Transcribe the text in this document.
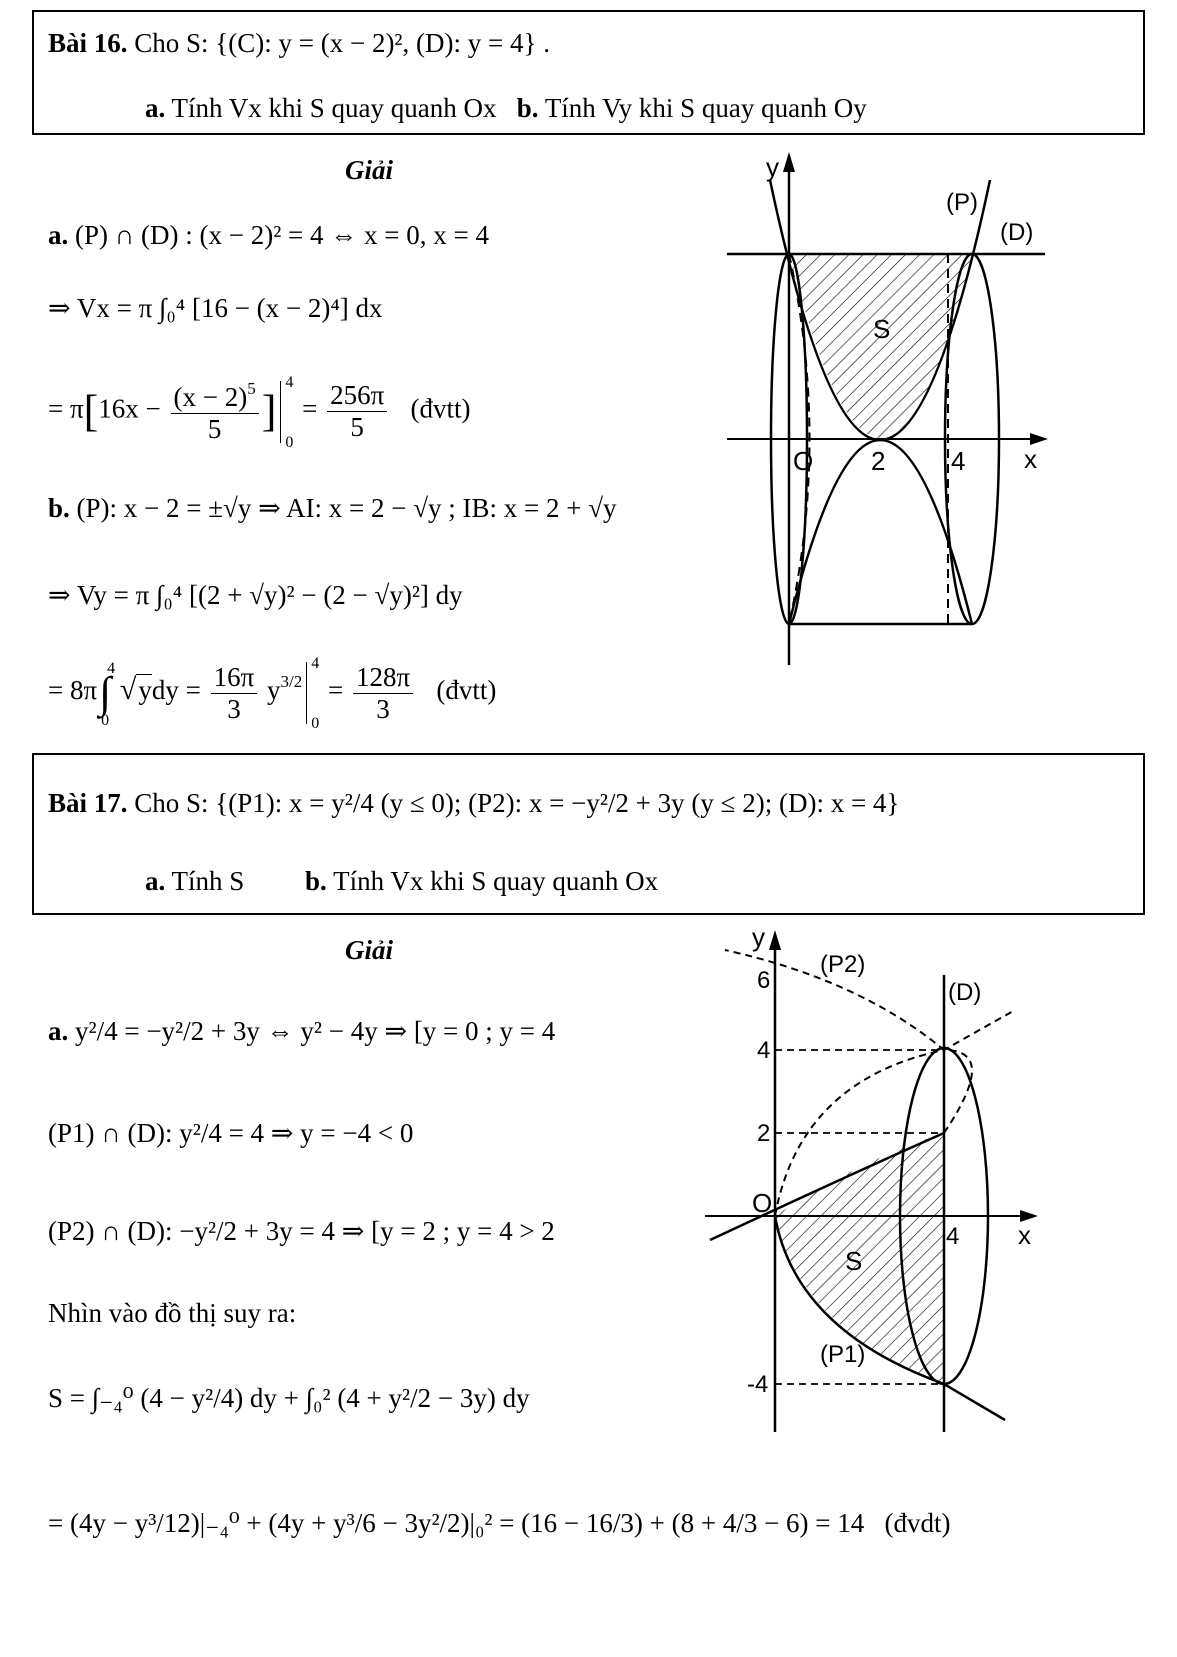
Bài 16. Cho S: {(C): y = (x − 2)², (D): y = 4} .
a. Tính Vx khi S quay quanh Ox b. Tính Vy khi S quay quanh Oy
Giải
a. (P) ∩ (D) : (x − 2)² = 4 ⇔ x = 0, x = 4
⇒ Vx = π ∫₀⁴ [16 − (x − 2)⁴] dx
= $\pi[16x - \frac{(x - 2)^5}{5}$ ]
4
0
= $\frac{256\pi}{5}$ (đvtt)
b. (P): x − 2 = ±√y ⇒ AI: x = 2 − √y ; IB: x = 2 + √y
⇒ Vy = π ∫₀⁴ [(2 + √y)² − (2 − √y)²] dy
= 8π∫
4
0
$√ydy = \frac{16\pi}{3} y^{3/2}$
4
0
= $\frac{128\pi}{3}$ (đvtt)
y
x
O 2	4
(P)
(D)
S
Bài 17. Cho S: {(P1): x = y²/4 (y ≤ 0); (P2): x = −y²/2 + 3y (y ≤ 2); (D): x = 4}
a. Tính S b. Tính Vx khi S quay quanh Ox
Giải
a. y²/4 = −y²/2 + 3y ⇔ y² − 4y ⇒ [y = 0 ; y = 4
(P1) ∩ (D): y²/4 = 4 ⇒ y = −4 < 0
(P2) ∩ (D): −y²/2 + 3y = 4 ⇒ [y = 2 ; y = 4 > 2
Nhìn vào đồ thị suy ra:
S = ∫₋₄⁰ (4 − y²/4) dy + ∫₀² (4 + y²/2 − 3y) dy
= (4y − y³/12)|₋₄⁰ + (4y + y³/6 − 3y²/2)|₀² = (16 − 16/3) + (8 + 4/3 − 6) = 14 (đvdt)
y
x
O
6
4
2
-4
4
(P2)
(D)
S
(P1)
